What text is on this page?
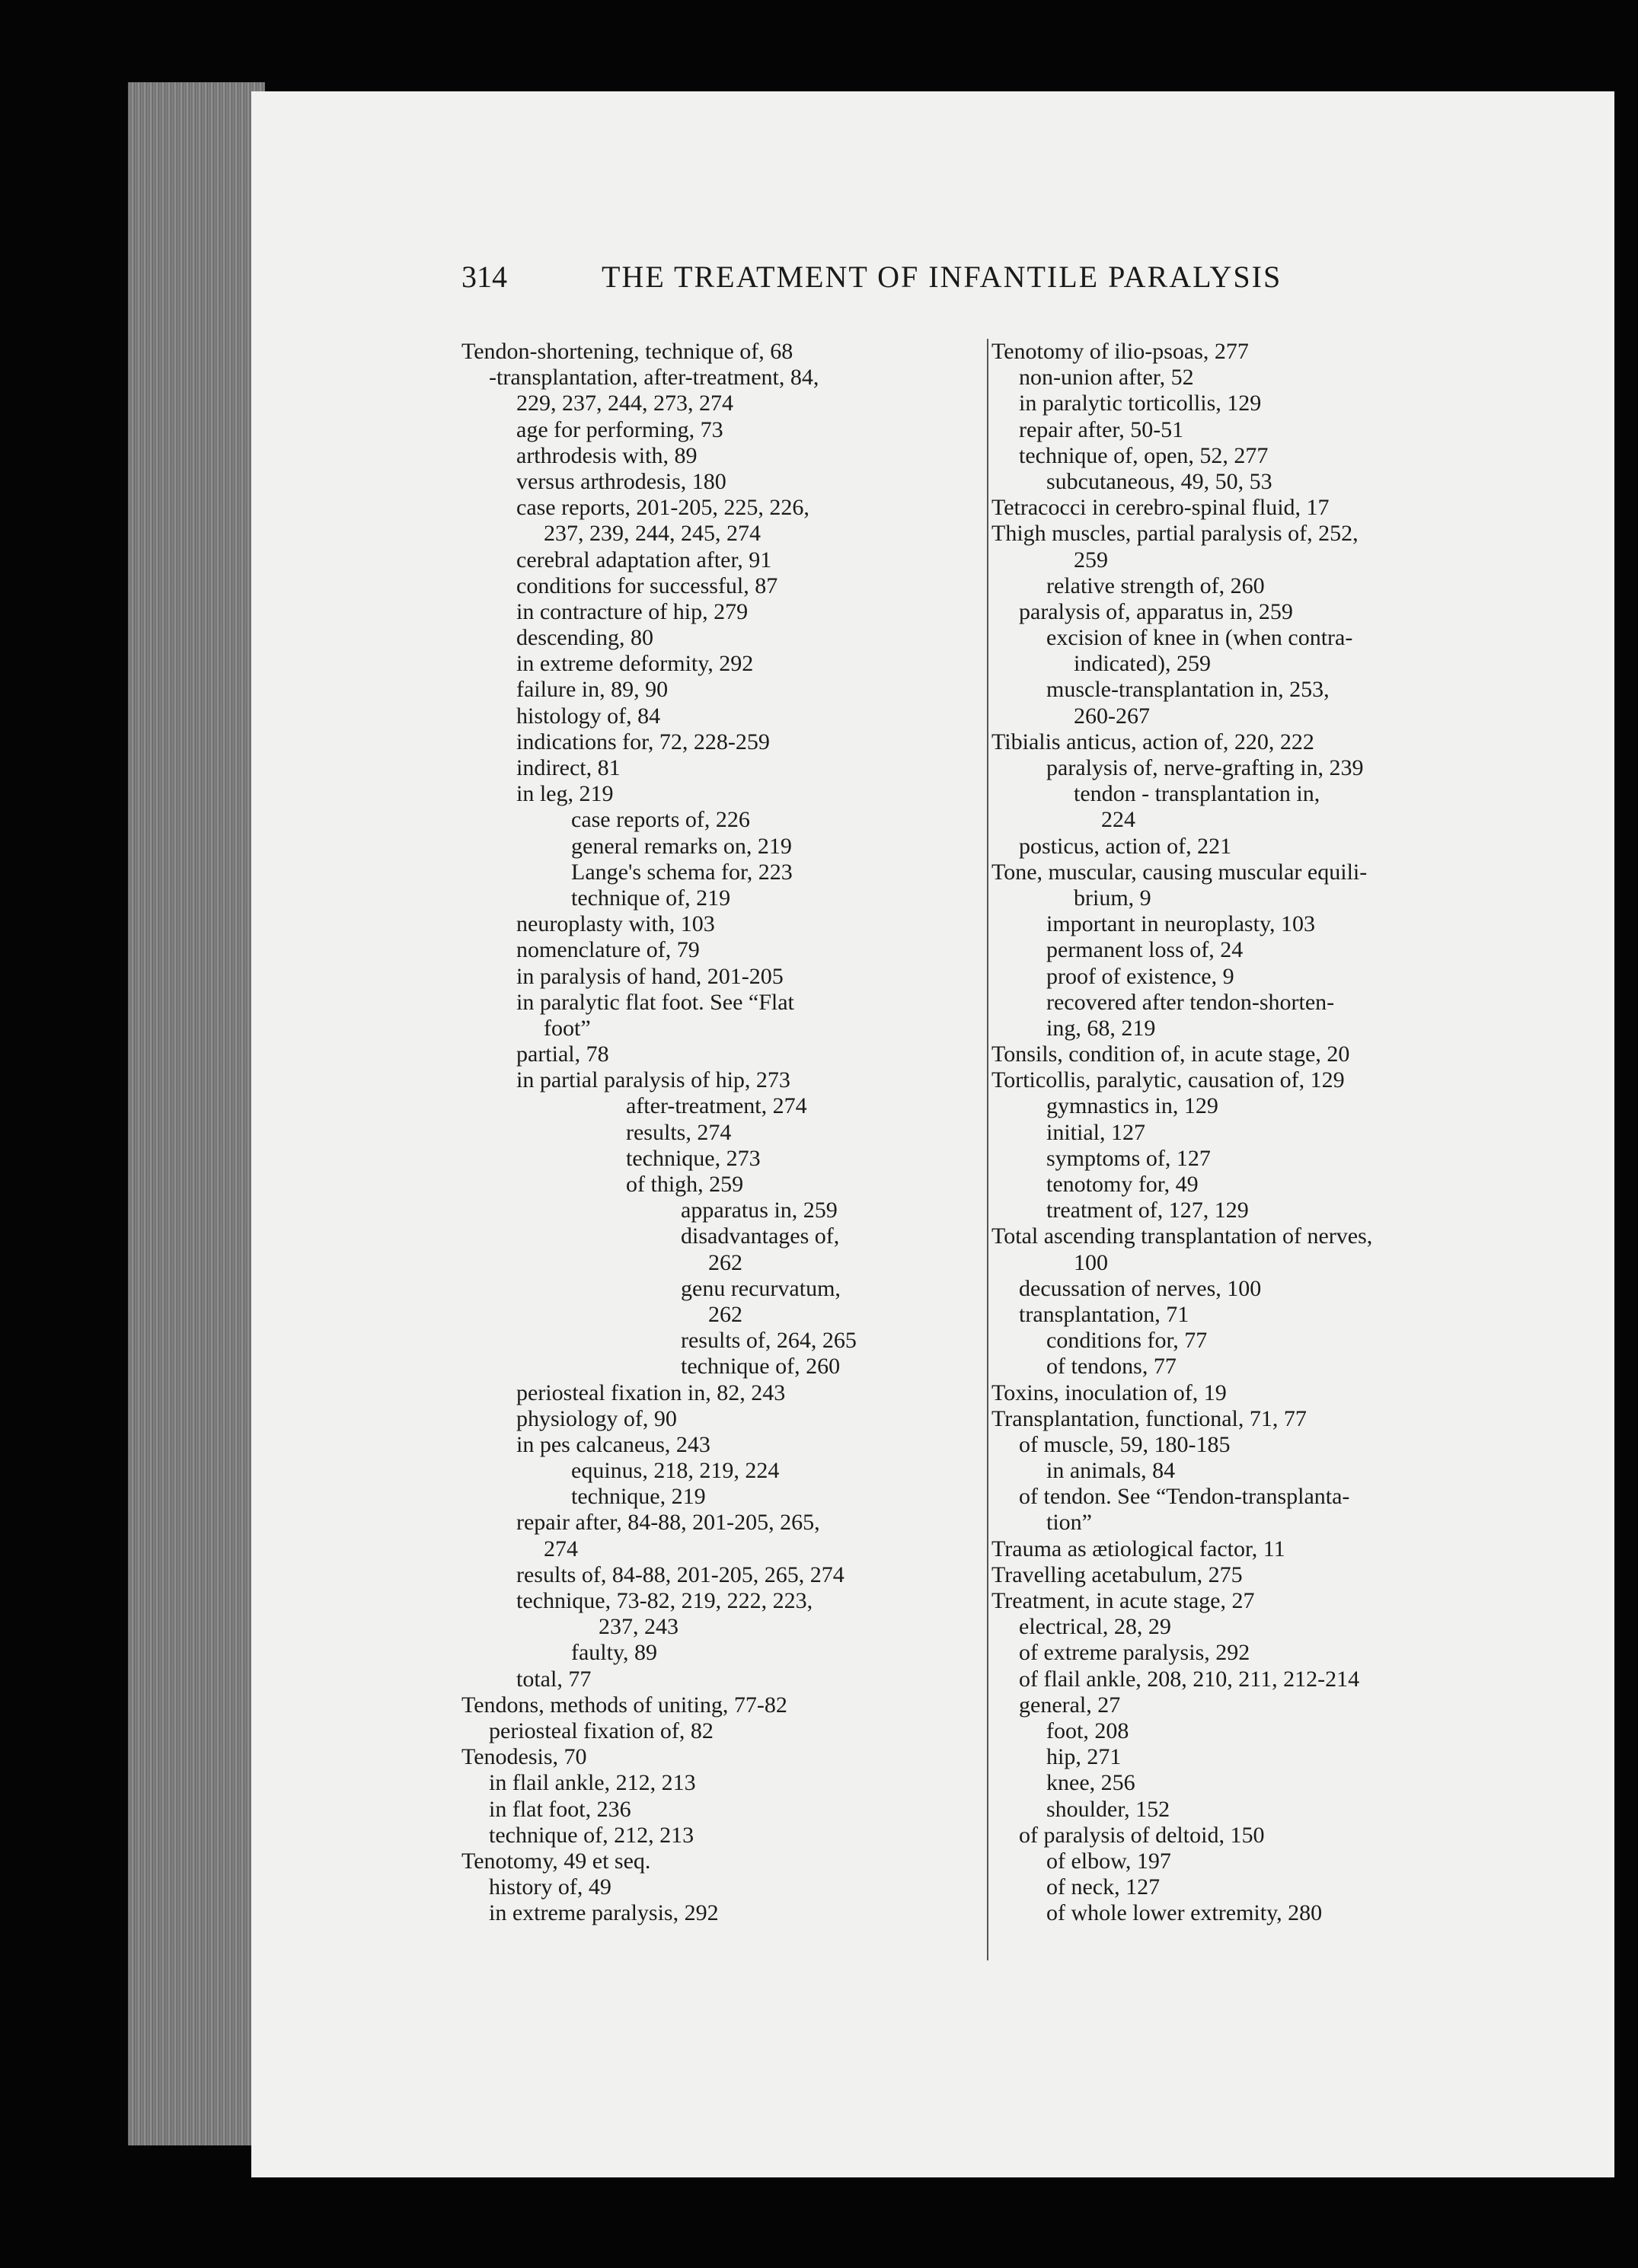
314	THE TREATMENT OF INFANTILE PARALYSIS
Tendon-shortening, technique of, 68
-transplantation, after-treatment, 84,
229, 237, 244, 273, 274
age for performing, 73
arthrodesis with, 89
versus arthrodesis, 180
case reports, 201-205, 225, 226,
237, 239, 244, 245, 274
cerebral adaptation after, 91
conditions for successful, 87
in contracture of hip, 279
descending, 80
in extreme deformity, 292
failure in, 89, 90
histology of, 84
indications for, 72, 228-259
indirect, 81
in leg, 219
case reports of, 226
general remarks on, 219
Lange's schema for, 223
technique of, 219
neuroplasty with, 103
nomenclature of, 79
in paralysis of hand, 201-205
in paralytic flat foot. See “Flat
foot”
partial, 78
in partial paralysis of hip, 273
after-treatment, 274
results, 274
technique, 273
of thigh, 259
apparatus in, 259
disadvantages of,
262
genu recurvatum,
262
results of, 264, 265
technique of, 260
periosteal fixation in, 82, 243
physiology of, 90
in pes calcaneus, 243
equinus, 218, 219, 224
technique, 219
repair after, 84-88, 201-205, 265,
274
results of, 84-88, 201-205, 265, 274
technique, 73-82, 219, 222, 223,
237, 243
faulty, 89
total, 77
Tendons, methods of uniting, 77-82
periosteal fixation of, 82
Tenodesis, 70
in flail ankle, 212, 213
in flat foot, 236
technique of, 212, 213
Tenotomy, 49 et seq.
history of, 49
in extreme paralysis, 292
Tenotomy of ilio-psoas, 277
non-union after, 52
in paralytic torticollis, 129
repair after, 50-51
technique of, open, 52, 277
subcutaneous, 49, 50, 53
Tetracocci in cerebro-spinal fluid, 17
Thigh muscles, partial paralysis of, 252,
259
relative strength of, 260
paralysis of, apparatus in, 259
excision of knee in (when contra-
indicated), 259
muscle-transplantation in, 253,
260-267
Tibialis anticus, action of, 220, 222
paralysis of, nerve-grafting in, 239
tendon - transplantation in,
224
posticus, action of, 221
Tone, muscular, causing muscular equili-
brium, 9
important in neuroplasty, 103
permanent loss of, 24
proof of existence, 9
recovered after tendon-shorten-
ing, 68, 219
Tonsils, condition of, in acute stage, 20
Torticollis, paralytic, causation of, 129
gymnastics in, 129
initial, 127
symptoms of, 127
tenotomy for, 49
treatment of, 127, 129
Total ascending transplantation of nerves,
100
decussation of nerves, 100
transplantation, 71
conditions for, 77
of tendons, 77
Toxins, inoculation of, 19
Transplantation, functional, 71, 77
of muscle, 59, 180-185
in animals, 84
of tendon. See “Tendon-transplanta-
tion”
Trauma as ætiological factor, 11
Travelling acetabulum, 275
Treatment, in acute stage, 27
electrical, 28, 29
of extreme paralysis, 292
of flail ankle, 208, 210, 211, 212-214
general, 27
foot, 208
hip, 271
knee, 256
shoulder, 152
of paralysis of deltoid, 150
of elbow, 197
of neck, 127
of whole lower extremity, 280
